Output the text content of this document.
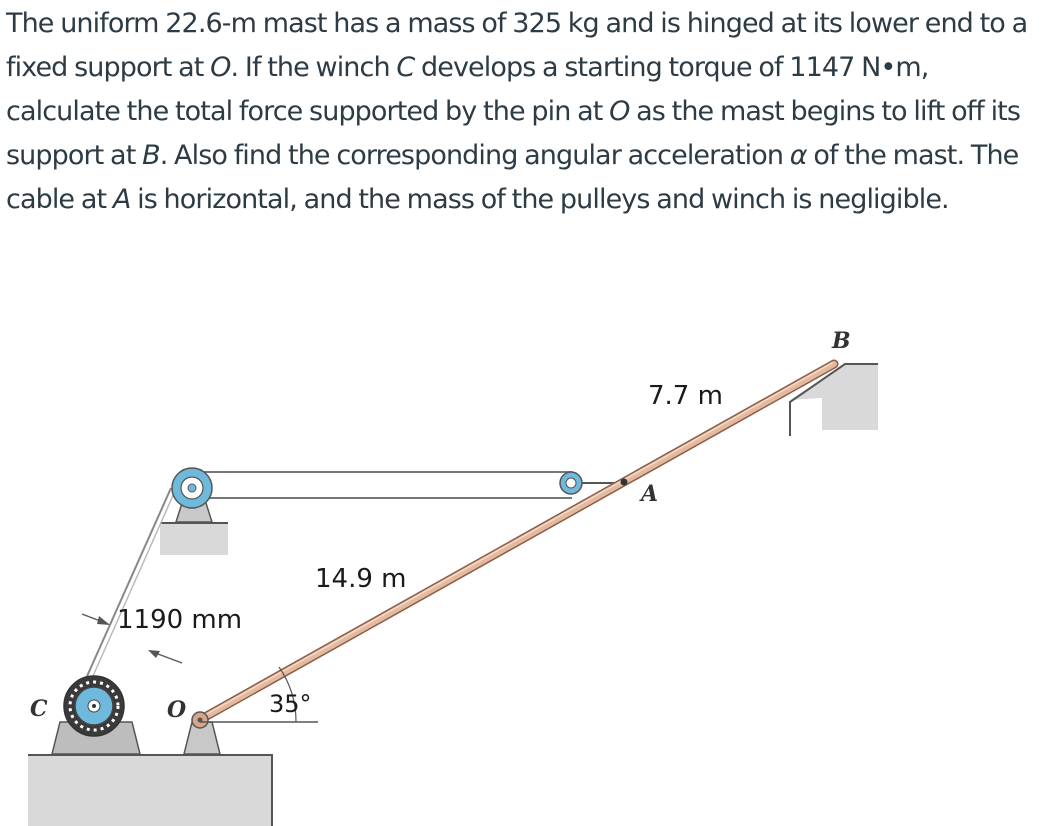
The uniform 22.6-m mast has a mass of 325 kg and is hinged at its lower end to a fixed support at O. If the winch C develops a starting torque of 1147 N•m, calculate the total force supported by the pin at O as the mast begins to lift off its support at B. Also find the corresponding angular acceleration α of the mast. The cable at A is horizontal, and the mass of the pulleys and winch is negligible.

7.7 m
14.9 m
1190 mm
35°
B
A
C	O
